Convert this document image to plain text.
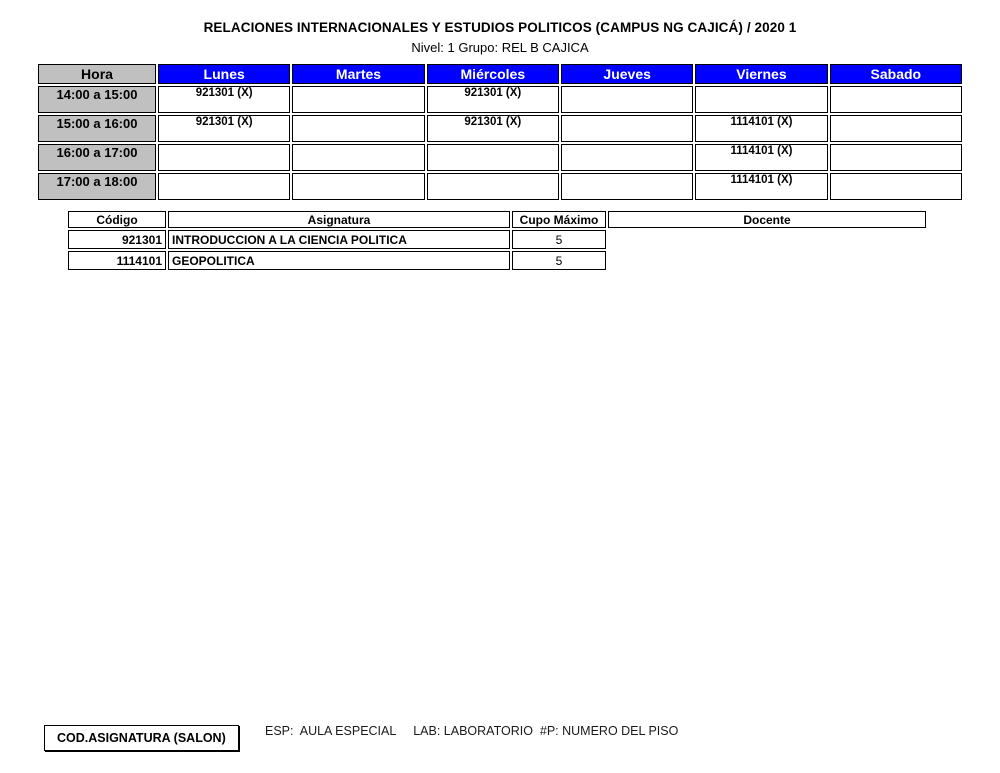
RELACIONES INTERNACIONALES Y ESTUDIOS POLITICOS (CAMPUS NG CAJICÁ) / 2020 1
Nivel: 1 Grupo: REL B CAJICA
Hora	Lunes	Martes	Miércoles	Jueves	Viernes	Sabado
14:00 a 15:00	921301 (X)		921301 (X)			
15:00 a 16:00	921301 (X)		921301 (X)		1114101 (X)	
16:00 a 17:00					1114101 (X)	
17:00 a 18:00					1114101 (X)	
Código	Asignatura	Cupo Máximo	Docente
921301	INTRODUCCION A LA CIENCIA POLITICA	5	
1114101	GEOPOLITICA	5	
COD.ASIGNATURA (SALON)	ESP:  AULA ESPECIAL     LAB: LABORATORIO  #P: NUMERO DEL PISO
